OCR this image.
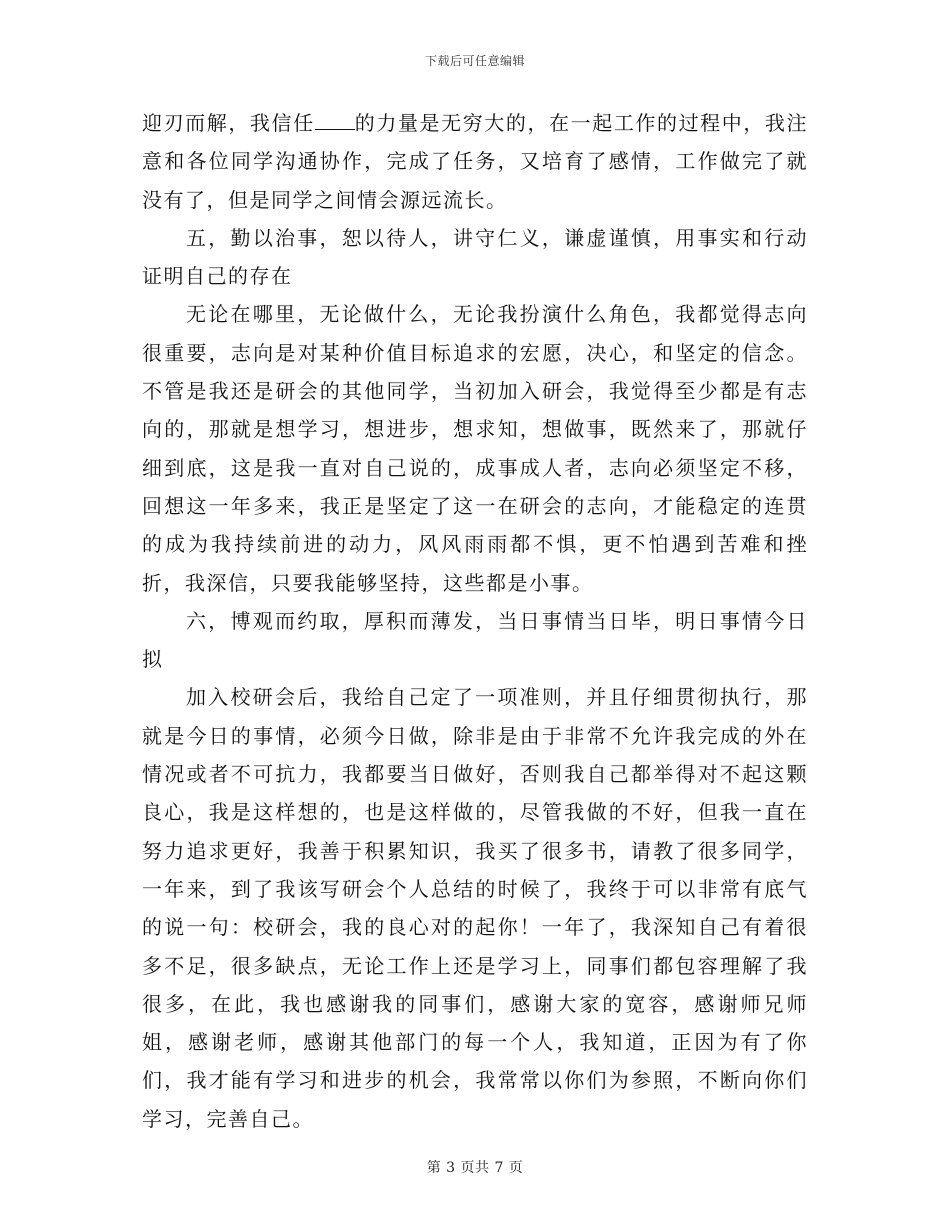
下载后可任意编辑

迎刃而解，我信任 的力量是无穷大的，在一起工作的过程中，我注意和各位同学沟通协作，完成了任务，又培育了感情，工作做完了就没有了，但是同学之间情会源远流长。

五，勤以治事，恕以待人，讲守仁义，谦虚谨慎，用事实和行动证明自己的存在

无论在哪里，无论做什么，无论我扮演什么角色，我都觉得志向很重要，志向是对某种价值目标追求的宏愿，决心，和坚定的信念。不管是我还是研会的其他同学，当初加入研会，我觉得至少都是有志向的，那就是想学习，想进步，想求知，想做事，既然来了，那就仔细到底，这是我一直对自己说的，成事成人者，志向必须坚定不移，回想这一年多来，我正是坚定了这一在研会的志向，才能稳定的连贯的成为我持续前进的动力，风风雨雨都不惧，更不怕遇到苦难和挫折，我深信，只要我能够坚持，这些都是小事。

六，博观而约取，厚积而薄发，当日事情当日毕，明日事情今日拟

加入校研会后，我给自己定了一项准则，并且仔细贯彻执行，那就是今日的事情，必须今日做，除非是由于非常不允许我完成的外在情况或者不可抗力，我都要当日做好，否则我自己都举得对不起这颗良心，我是这样想的，也是这样做的，尽管我做的不好，但我一直在努力追求更好，我善于积累知识，我买了很多书，请教了很多同学，一年来，到了我该写研会个人总结的时候了，我终于可以非常有底气的说一句：校研会，我的良心对的起你！一年了，我深知自己有着很多不足，很多缺点，无论工作上还是学习上，同事们都包容理解了我很多，在此，我也感谢我的同事们，感谢大家的宽容，感谢师兄师姐，感谢老师，感谢其他部门的每一个人，我知道，正因为有了你们，我才能有学习和进步的机会，我常常以你们为参照，不断向你们学习，完善自己。

第 3 页共 7 页
